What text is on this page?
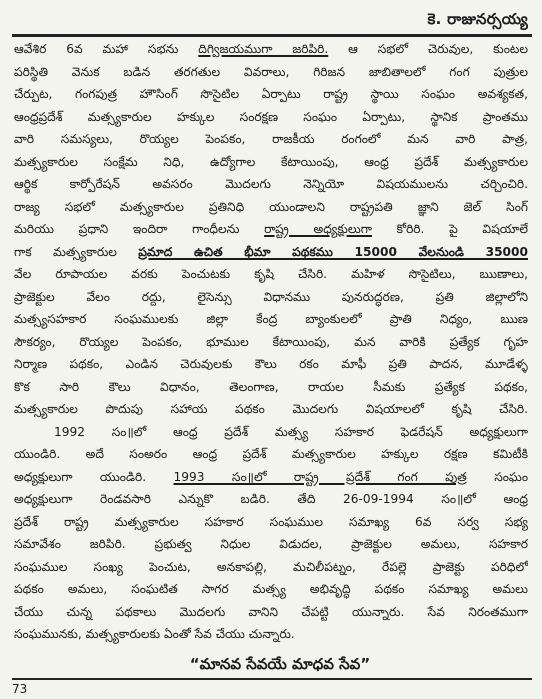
కె. రాజునర్సయ్య
ఆవేశిర 6వ మహా సభను దిగ్విజయముగా జరిపిరి. ఆ సభలో చెరువుల, కుంటల
పరిస్థితి వెనుక బడిన తరగతుల వివరాలు, గిరిజన జాబితాలలో గంగ పుత్రుల
చేర్పుట, గంగపుత్ర హౌసింగ్ సొసైటిల ఏర్పాటు రాష్ట్ర స్థాయి సంఘం అవశ్యకత,
ఆంధ్రప్రదేశ్ మత్స్యకారుల హక్కుల సంరక్షణ సంఘం ఏర్పాటు, స్థానిక ప్రాంతము
వారి సమస్యలు, రొయ్యల పెంపకం, రాజకీయ రంగంలో మన వారి పాత్ర,
మత్స్యకారుల సంక్షేమ నిధి, ఉద్యోగాల కేటాయింపు, ఆంధ్ర ప్రదేశ్ మత్స్యకారుల
ఆర్థిక కార్పోరేషన్ అవసరం మొదలగు నెన్నియో విషయములను చర్చించిరి.
రాజ్య సభలో మత్స్యకారుల ప్రతినిధి యుండాలని రాష్ట్రపతి జ్ఞాని జెల్ సింగ్
మరియు ప్రధాని ఇందిరా గాంధీలను రాష్ట్ర అధ్యక్షులుగా కోరిరి. పై విషయాలే
గాక మత్స్యకారుల ప్రమాద ఉచిత భీమా పథకము 15000 వేలనుండి 35000
వేల రూపాయల వరకు పెంచుటకు కృషి చేసిరి. మహిళ సొసైటిలు, ఋణాలు,
ప్రాజెక్టుల వేలం రద్దు, లైసెన్సు విధానము పునరుద్ధరణ, ప్రతి జిల్లాలోని
మత్స్యసహకార సంఘములకు జిల్లా కేంద్ర బ్యాంకులలో ప్రాతి నిధ్యం, ఋణ
సౌకర్యం, రొయ్యల పెంపకం, భూముల కేటాయింపు, మన వారికి ప్రత్యేక గృహ
నిర్మాణ పథకం, ఎండిన చెరువులకు కౌలు రకం మాఫీ ప్రతి పాదన, మూడేళ్ళ
కొక సారి కౌలు విధానం, తెలంగాణ, రాయల సీమకు ప్రత్యేక పథకం,
మత్స్యకారుల పొదుపు సహాయ పథకం మొదలగు విషయాలలో కృషి చేసిరి.
1992 సం॥లో ఆంధ్ర ప్రదేశ్ మత్స్య సహకార ఫెడరేషన్ అధ్యక్షులుగా
యుండిరి. అదే సంఅరం ఆంధ్ర ప్రదేశ్ మత్స్యకారుల హక్కుల రక్షణ కమిటీకి
అధ్యక్షులుగా యుండిరి. 1993 సం॥లో రాష్ట్ర ప్రదేశ్ గంగ పుత్ర సంఘం
అధ్యక్షులుగా రెండవసారి ఎన్నుకొ బడిరి. తేది 26-09-1994 సం॥లో ఆంధ్ర
ప్రదేశ్ రాష్ట్ర మత్స్యకారుల సహకార సంఘముల సమాఖ్య 6వ సర్వ సభ్య
సమావేశం జరిపిరి. ప్రభుత్వ నిధుల విడుదల, ప్రాజెక్టుల అమలు, సహకార
సంఘముల సంఖ్య పెంచుట, అనకాపల్లి, మచిలీపట్నం, రేపల్లె ప్రాజెక్టు పరిధిలో
పథకం అమలు, సంఘటిత సాగర మత్స్య అభివృద్ధి పథకం సమాఖ్య అమలు
చేయు చున్న పథకాలు మొదలగు వానిని చేపట్టి యున్నారు. సేవ నిరంతముగా
సంఘమునకు, మత్స్యకారులకు ఏంతో సేవ చేయు చున్నారు.
“మానవ సేవయే మాధవ సేవ”
73
